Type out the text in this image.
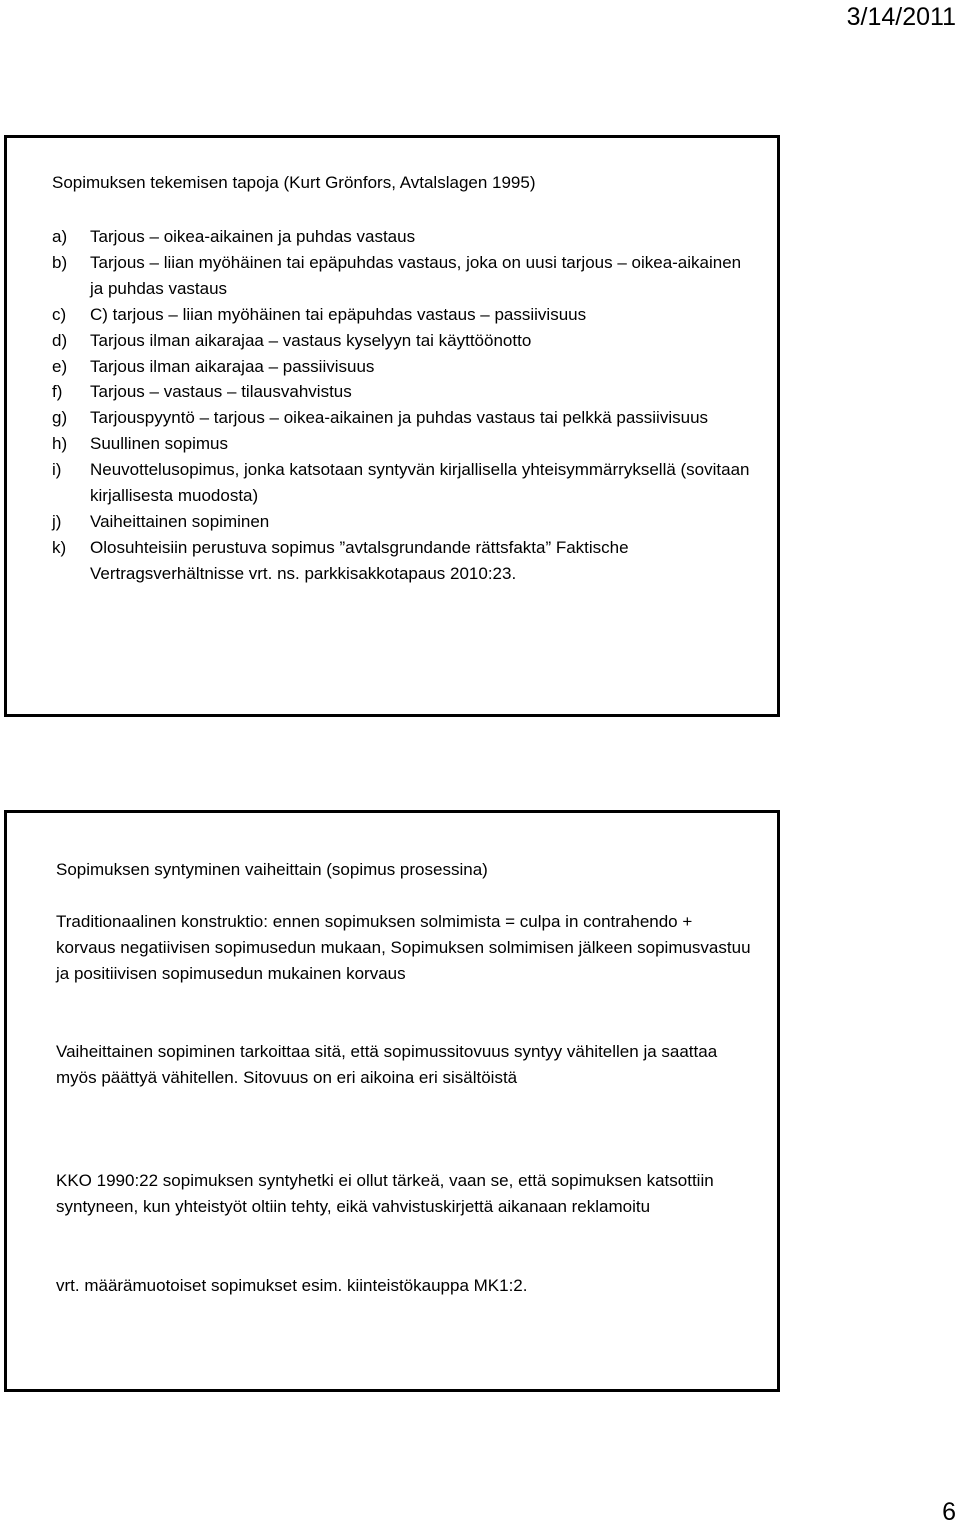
3/14/2011

Sopimuksen tekemisen tapoja (Kurt Grönfors, Avtalslagen 1995)

a)	Tarjous – oikea-aikainen ja puhdas vastaus
b)	Tarjous – liian myöhäinen tai epäpuhdas vastaus, joka on uusi tarjous – oikea-aikainen ja puhdas vastaus
c)	C) tarjous – liian myöhäinen tai epäpuhdas vastaus – passiivisuus
d)	Tarjous ilman aikarajaa – vastaus kyselyyn tai käyttöönotto
e)	Tarjous ilman aikarajaa – passiivisuus
f)	Tarjous – vastaus – tilausvahvistus
g)	Tarjouspyyntö – tarjous – oikea-aikainen ja puhdas vastaus tai pelkkä passiivisuus
h)	Suullinen sopimus
i)	Neuvottelusopimus, jonka katsotaan syntyvän kirjallisella yhteisymmärryksellä (sovitaan kirjallisesta muodosta)
j)	Vaiheittainen sopiminen
k)	Olosuhteisiin perustuva sopimus ”avtalsgrundande rättsfakta” Faktische Vertragsverhältnisse vrt. ns. parkkisakkotapaus 2010:23.

Sopimuksen syntyminen vaiheittain (sopimus prosessina)

Traditionaalinen konstruktio: ennen sopimuksen solmimista = culpa in contrahendo + korvaus negatiivisen sopimusedun mukaan, Sopimuksen solmimisen jälkeen sopimusvastuu ja positiivisen sopimusedun mukainen korvaus

Vaiheittainen sopiminen tarkoittaa sitä, että sopimussitovuus syntyy vähitellen ja saattaa myös päättyä vähitellen. Sitovuus on eri aikoina eri sisältöistä

KKO 1990:22 sopimuksen syntyhetki ei ollut tärkeä, vaan se, että sopimuksen katsottiin syntyneen, kun yhteistyöt oltiin tehty, eikä vahvistuskirjettä aikanaan reklamoitu

vrt. määrämuotoiset sopimukset esim. kiinteistökauppa MK1:2.

6
